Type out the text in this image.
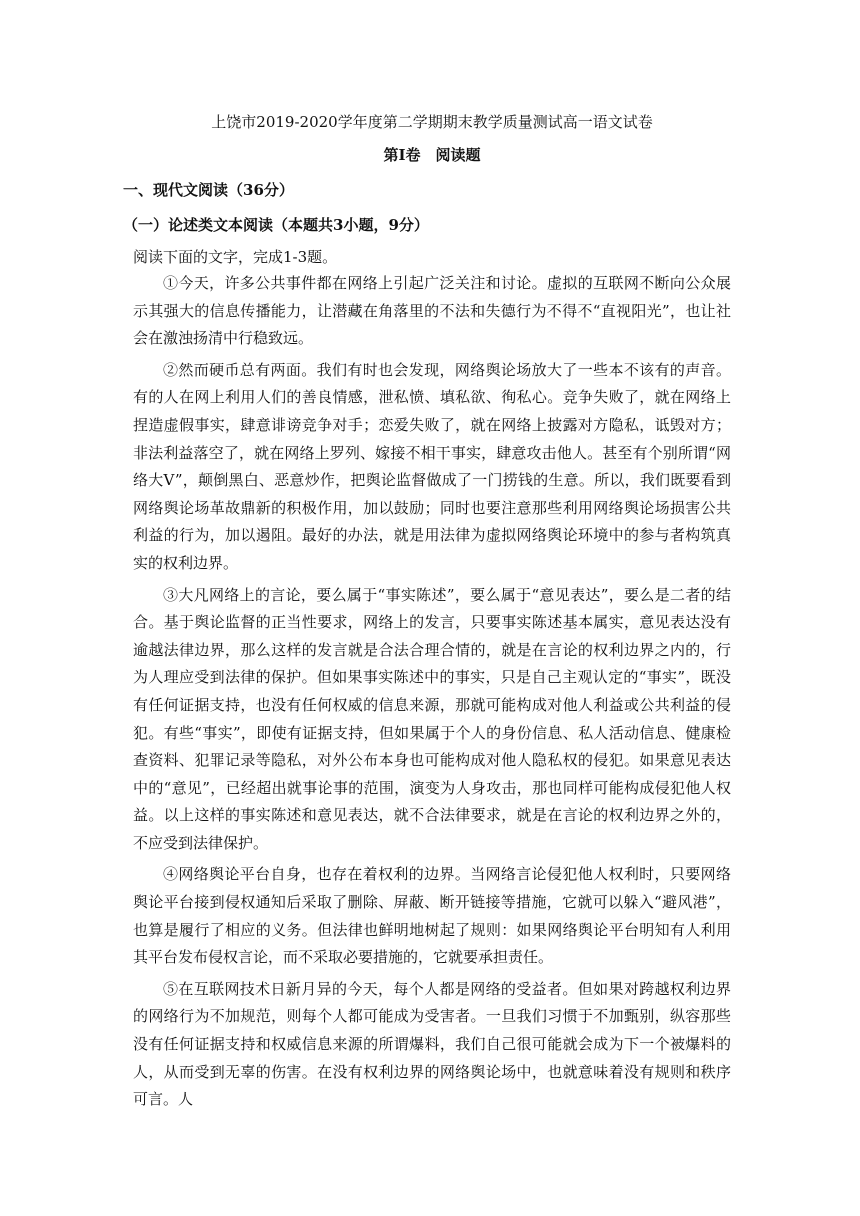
上饶市2019-2020学年度第二学期期末教学质量测试高一语文试卷
第Ⅰ卷　阅读题
一、现代文阅读（36分）
（一）论述类文本阅读（本题共3小题，9分）
阅读下面的文字，完成1-3题。

①今天，许多公共事件都在网络上引起广泛关注和讨论。虚拟的互联网不断向公众展示其强大的信息传播能力，让潜藏在角落里的不法和失德行为不得不“直视阳光”，也让社会在激浊扬清中行稳致远。

②然而硬币总有两面。我们有时也会发现，网络舆论场放大了一些本不该有的声音。有的人在网上利用人们的善良情感，泄私愤、填私欲、徇私心。竞争失败了，就在网络上捏造虚假事实，肆意诽谤竞争对手；恋爱失败了，就在网络上披露对方隐私，诋毁对方；非法利益落空了，就在网络上罗列、嫁接不相干事实，肆意攻击他人。甚至有个别所谓“网络大V”，颠倒黑白、恶意炒作，把舆论监督做成了一门捞钱的生意。所以，我们既要看到网络舆论场革故鼎新的积极作用，加以鼓励；同时也要注意那些利用网络舆论场损害公共利益的行为，加以遏阻。最好的办法，就是用法律为虚拟网络舆论环境中的参与者构筑真实的权利边界。

③大凡网络上的言论，要么属于“事实陈述”，要么属于“意见表达”，要么是二者的结合。基于舆论监督的正当性要求，网络上的发言，只要事实陈述基本属实，意见表达没有逾越法律边界，那么这样的发言就是合法合理合情的，就是在言论的权利边界之内的，行为人理应受到法律的保护。但如果事实陈述中的事实，只是自己主观认定的“事实”，既没有任何证据支持，也没有任何权威的信息来源，那就可能构成对他人利益或公共利益的侵犯。有些“事实”，即使有证据支持，但如果属于个人的身份信息、私人活动信息、健康检查资料、犯罪记录等隐私，对外公布本身也可能构成对他人隐私权的侵犯。如果意见表达中的“意见”，已经超出就事论事的范围，演变为人身攻击，那也同样可能构成侵犯他人权益。以上这样的事实陈述和意见表达，就不合法律要求，就是在言论的权利边界之外的，不应受到法律保护。

④网络舆论平台自身，也存在着权利的边界。当网络言论侵犯他人权利时，只要网络舆论平台接到侵权通知后采取了删除、屏蔽、断开链接等措施，它就可以躲入“避风港”，也算是履行了相应的义务。但法律也鲜明地树起了规则：如果网络舆论平台明知有人利用其平台发布侵权言论，而不采取必要措施的，它就要承担责任。

⑤在互联网技术日新月异的今天，每个人都是网络的受益者。但如果对跨越权利边界的网络行为不加规范，则每个人都可能成为受害者。一旦我们习惯于不加甄别，纵容那些没有任何证据支持和权威信息来源的所谓爆料，我们自己很可能就会成为下一个被爆料的人，从而受到无辜的伤害。在没有权利边界的网络舆论场中，也就意味着没有规则和秩序可言。人
